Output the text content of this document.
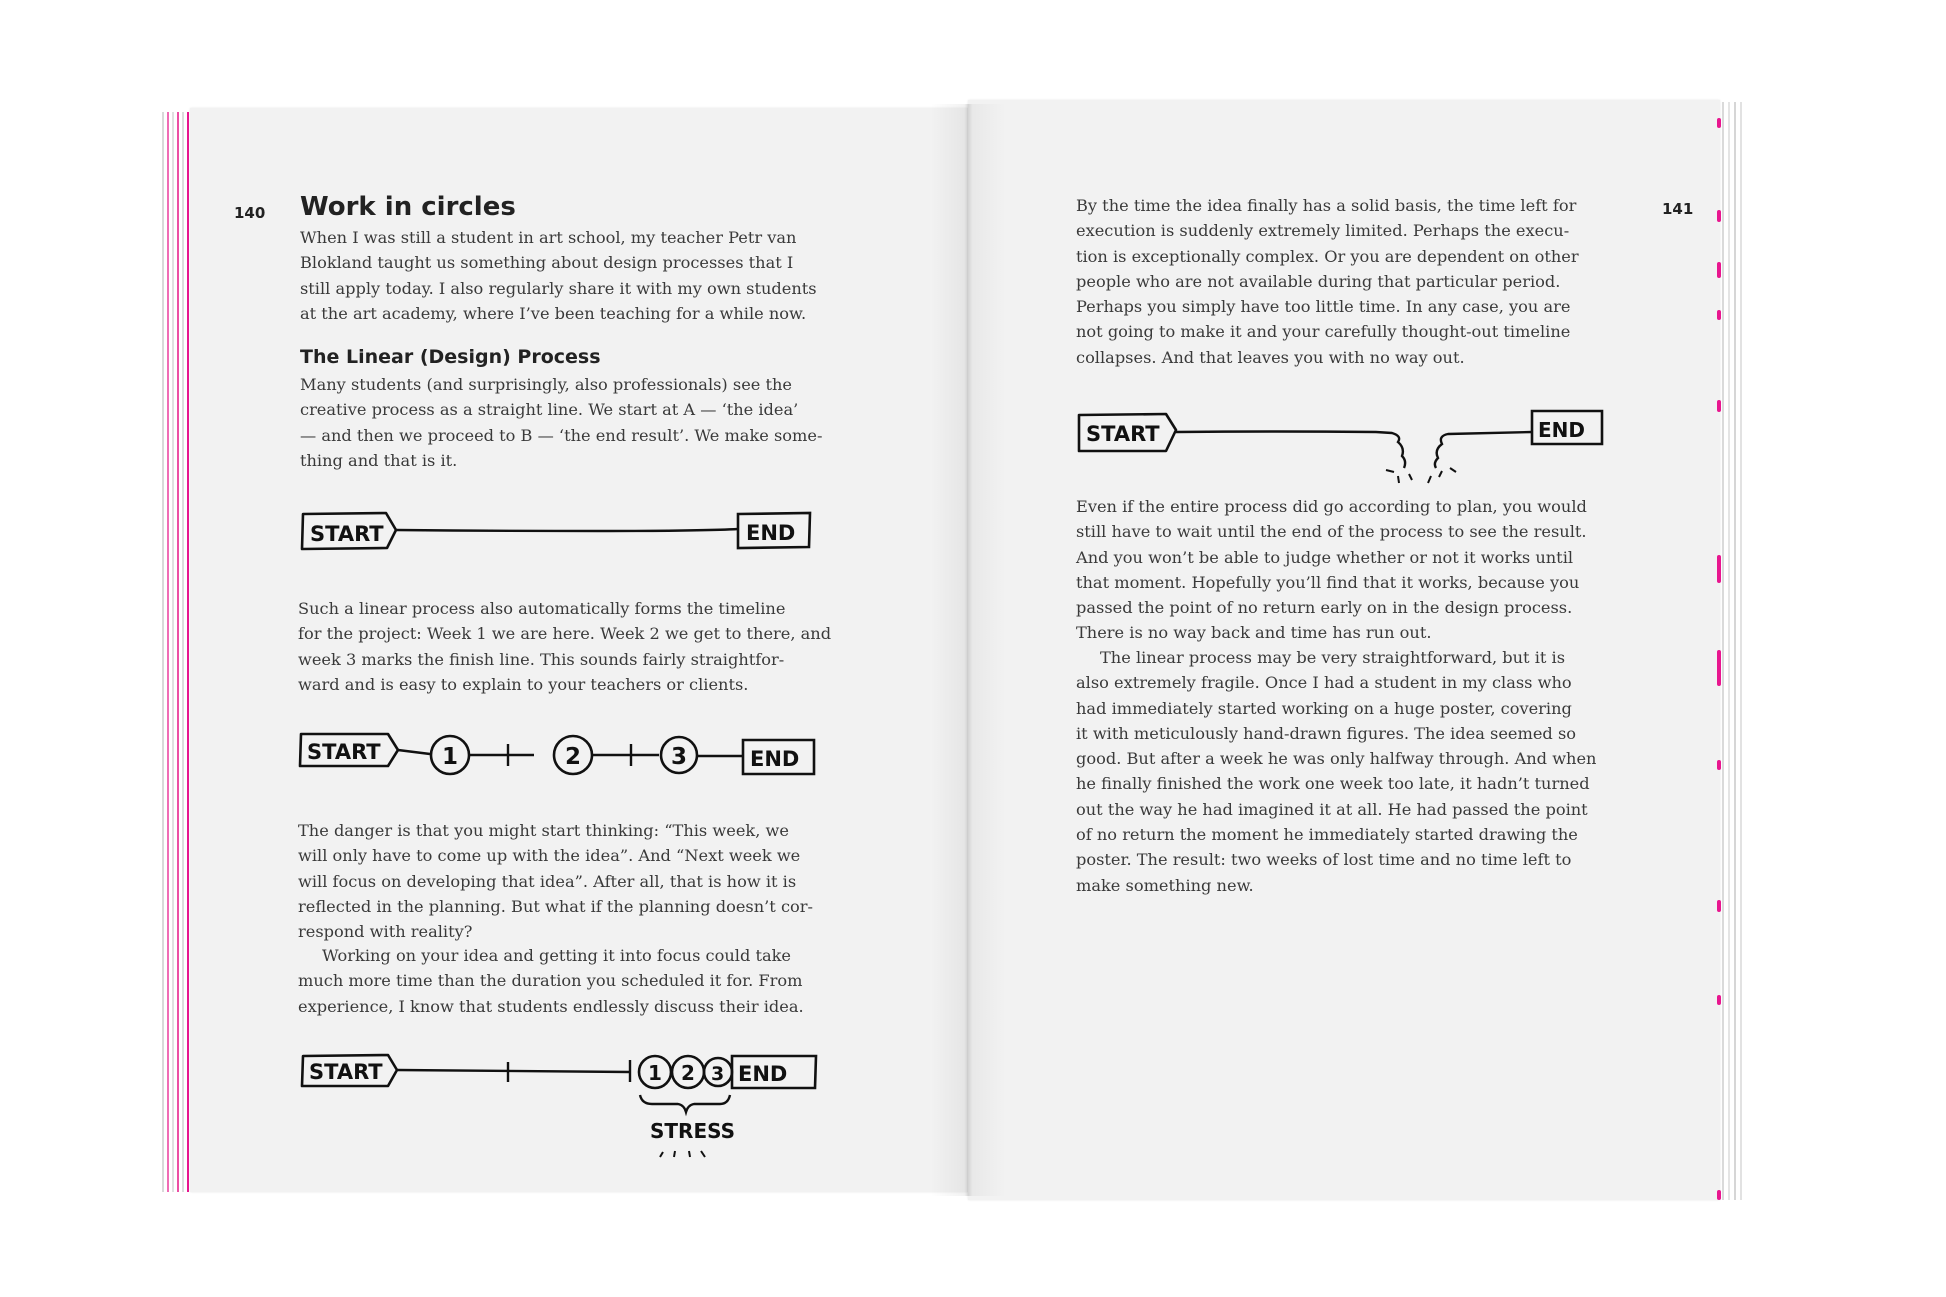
140 Work in circles

When I was still a student in art school, my teacher Petr van
Blokland taught us something about design processes that I
still apply today. I also regularly share it with my own students
at the art academy, where I’ve been teaching for a while now.

The Linear (Design) Process

Many students (and surprisingly, also professionals) see the
creative process as a straight line. We start at A — ‘the idea’
— and then we proceed to B — ‘the end result’. We make some-
thing and that is it.

START	END

Such a linear process also automatically forms the timeline
for the project: Week 1 we are here. Week 2 we get to there, and
week 3 marks the finish line. This sounds fairly straightfor-
ward and is easy to explain to your teachers or clients.

START	1	2	3	END

The danger is that you might start thinking: “This week, we
will only have to come up with the idea”. And “Next week we
will focus on developing that idea”. After all, that is how it is
reflected in the planning. But what if the planning doesn’t cor-
respond with reality?

Working on your idea and getting it into focus could take
much more time than the duration you scheduled it for. From
experience, I know that students endlessly discuss their idea.

START	1 2 3 END
STRESS
141

By the time the idea finally has a solid basis, the time left for
execution is suddenly extremely limited. Perhaps the execu-
tion is exceptionally complex. Or you are dependent on other
people who are not available during that particular period.
Perhaps you simply have too little time. In any case, you are
not going to make it and your carefully thought-out timeline
collapses. And that leaves you with no way out.

START	END

Even if the entire process did go according to plan, you would
still have to wait until the end of the process to see the result.
And you won’t be able to judge whether or not it works until
that moment. Hopefully you’ll find that it works, because you
passed the point of no return early on in the design process.
There is no way back and time has run out.

The linear process may be very straightforward, but it is
also extremely fragile. Once I had a student in my class who
had immediately started working on a huge poster, covering
it with meticulously hand-drawn figures. The idea seemed so
good. But after a week he was only halfway through. And when
he finally finished the work one week too late, it hadn’t turned
out the way he had imagined it at all. He had passed the point
of no return the moment he immediately started drawing the
poster. The result: two weeks of lost time and no time left to
make something new.
